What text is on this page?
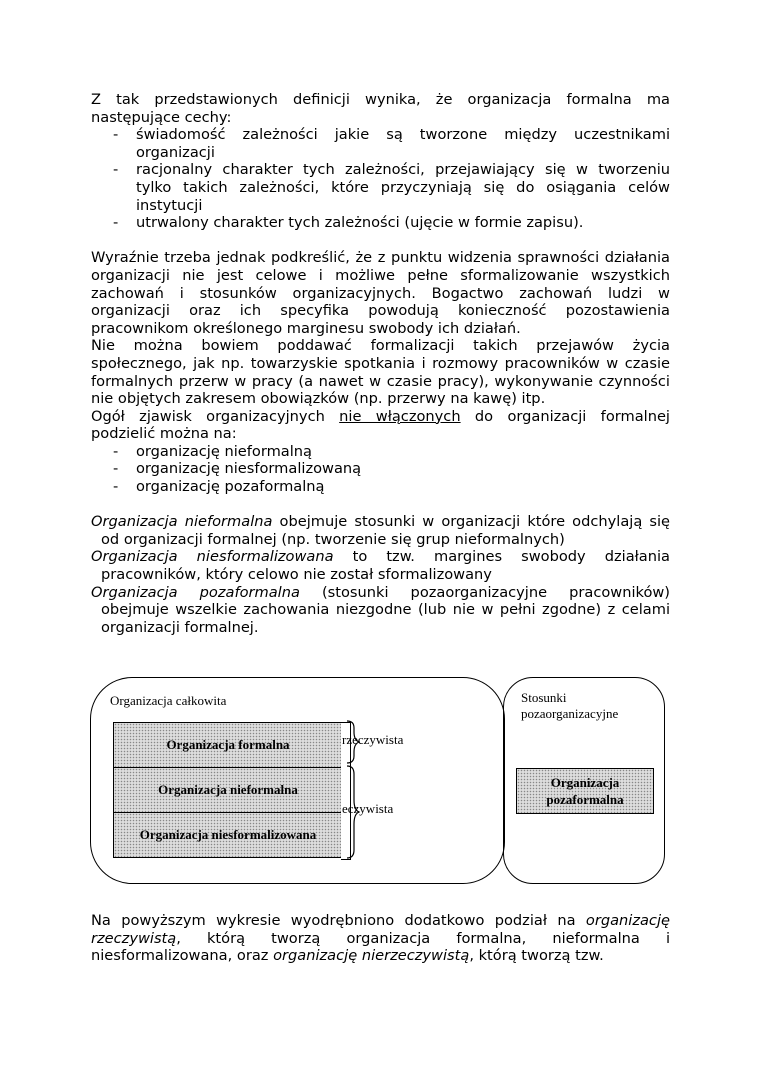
Z tak przedstawionych definicji wynika, że organizacja formalna ma następujące cechy:

- świadomość zależności jakie są tworzone między uczestnikami organizacji
- racjonalny charakter tych zależności, przejawiający się w tworzeniu tylko takich zależności, które przyczyniają się do osiągania celów instytucji
- utrwalony charakter tych zależności (ujęcie w formie zapisu).

Wyraźnie trzeba jednak podkreślić, że z punktu widzenia sprawności działania organizacji nie jest celowe i możliwe pełne sformalizowanie wszystkich zachowań i stosunków organizacyjnych. Bogactwo zachowań ludzi w organizacji oraz ich specyfika powodują konieczność pozostawienia pracownikom określonego marginesu swobody ich działań.

Nie można bowiem poddawać formalizacji takich przejawów życia społecznego, jak np. towarzyskie spotkania i rozmowy pracowników w czasie formalnych przerw w pracy (a nawet w czasie pracy), wykonywanie czynności nie objętych zakresem obowiązków (np. przerwy na kawę) itp.

Ogół zjawisk organizacyjnych nie włączonych do organizacji formalnej podzielić można na:

- organizację nieformalną
- organizację niesformalizowaną
- organizację pozaformalną

Organizacja nieformalna obejmuje stosunki w organizacji które odchylają się od organizacji formalnej (np. tworzenie się grup nieformalnych)

Organizacja niesformalizowana to tzw. margines swobody działania pracowników, który celowo nie został sformalizowany

Organizacja pozaformalna (stosunki pozaorganizacyjne pracowników) obejmuje wszelkie zachowania niezgodne (lub nie w pełni zgodne) z celami organizacji formalnej.

Organizacja całkowita	Stosunki pozaorganizacyjne
Organizacja formalna
Organizacja nieformalna
Organizacja niesformalizowana
rzeczywista
eczywista
Organizacja pozaformalna

Na powyższym wykresie wyodrębniono dodatkowo podział na organizację rzeczywistą, którą tworzą organizacja formalna, nieformalna i niesformalizowana, oraz organizację nierzeczywistą, którą tworzą tzw.
